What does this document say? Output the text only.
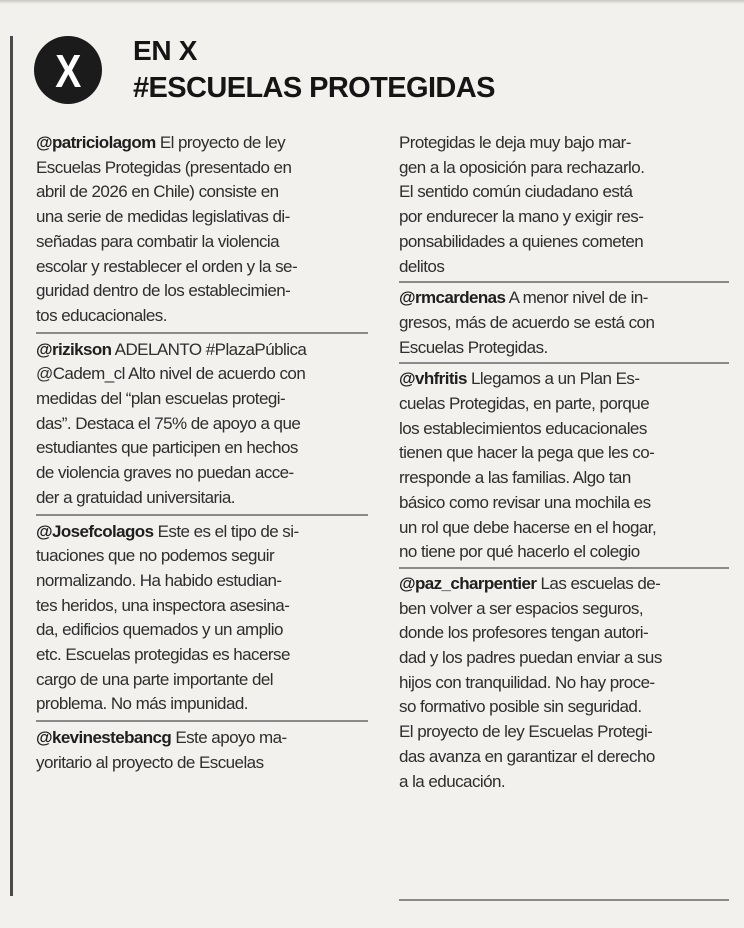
X EN X
#ESCUELAS PROTEGIDAS
@patriciolagom El proyecto de ley
Escuelas Protegidas (presentado en
abril de 2026 en Chile) consiste en
una serie de medidas legislativas di-
señadas para combatir la violencia
escolar y restablecer el orden y la se-
guridad dentro de los establecimien-
tos educacionales.
@rizikson ADELANTO #PlazaPública
@Cadem_cl Alto nivel de acuerdo con
medidas del “plan escuelas protegi-
das”. Destaca el 75% de apoyo a que
estudiantes que participen en hechos
de violencia graves no puedan acce-
der a gratuidad universitaria.
@Josefcolagos Este es el tipo de si-
tuaciones que no podemos seguir
normalizando. Ha habido estudian-
tes heridos, una inspectora asesina-
da, edificios quemados y un amplio
etc. Escuelas protegidas es hacerse
cargo de una parte importante del
problema. No más impunidad.
@kevinestebancg Este apoyo ma-
yoritario al proyecto de Escuelas
Protegidas le deja muy bajo mar-
gen a la oposición para rechazarlo.
El sentido común ciudadano está
por endurecer la mano y exigir res-
ponsabilidades a quienes cometen
delitos
@rmcardenas A menor nivel de in-
gresos, más de acuerdo se está con
Escuelas Protegidas.
@vhfritis Llegamos a un Plan Es-
cuelas Protegidas, en parte, porque
los establecimientos educacionales
tienen que hacer la pega que les co-
rresponde a las familias. Algo tan
básico como revisar una mochila es
un rol que debe hacerse en el hogar,
no tiene por qué hacerlo el colegio
@paz_charpentier Las escuelas de-
ben volver a ser espacios seguros,
donde los profesores tengan autori-
dad y los padres puedan enviar a sus
hijos con tranquilidad. No hay proce-
so formativo posible sin seguridad.
El proyecto de ley Escuelas Protegi-
das avanza en garantizar el derecho
a la educación.
